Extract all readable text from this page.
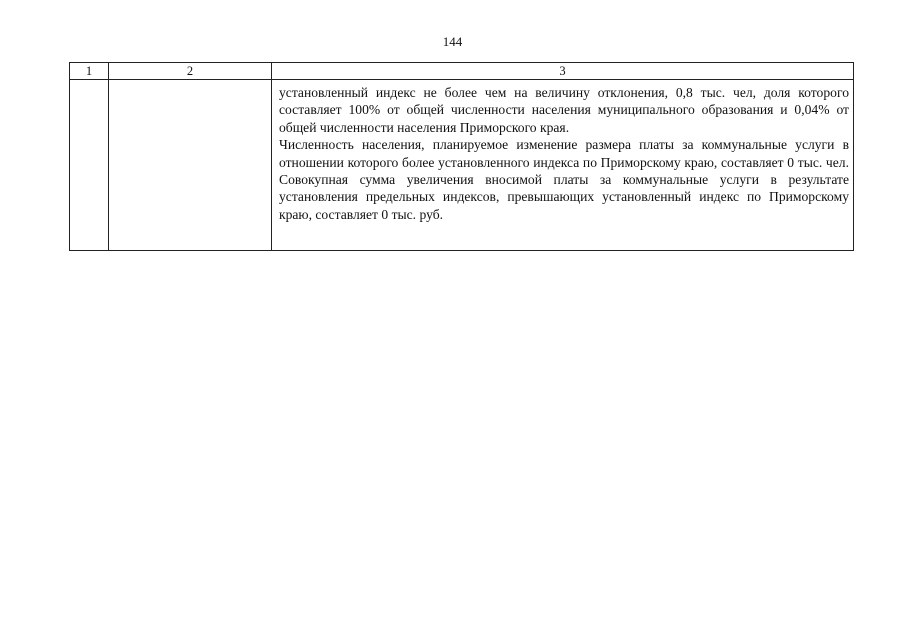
144
1	2	3

		установленный индекс не более чем на величину отклонения, 0,8 тыс. чел, доля которого составляет 100% от общей численности населения муниципального образования и 0,04% от общей численности населения Приморского края.

Численность населения, планируемое изменение размера платы за коммунальные услуги в отношении которого более установленного индекса по Приморскому краю, составляет 0 тыс. чел. Совокупная сумма увеличения вносимой платы за коммунальные услуги в результате установления предельных индексов, превышающих установленный индекс по Приморскому краю, составляет 0 тыс. руб.
